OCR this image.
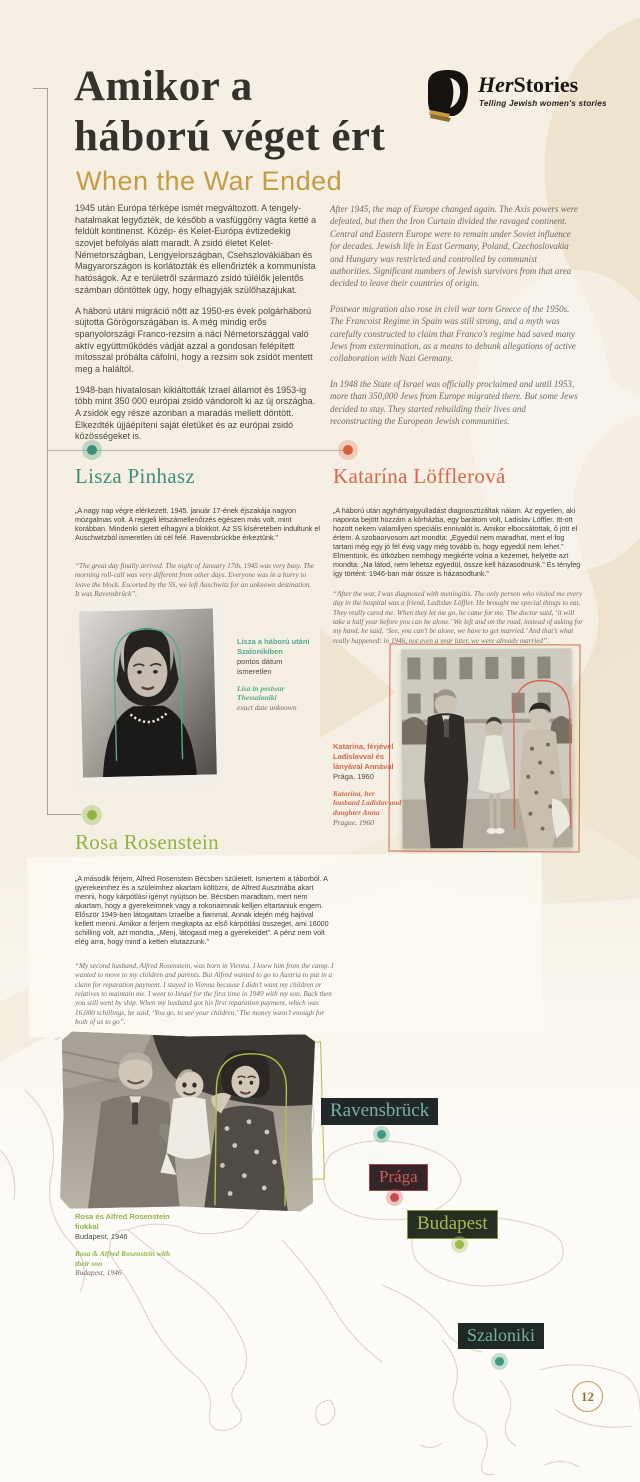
Amikor a
háború véget ért
When the War Ended
HerStories
Telling Jewish women's stories

1945 után Európa térképe ismét megváltozott. A tengely-hatalmakat legyőzték, de később a vasfüggöny vágta ketté a feldúlt kontinenst. Közép- és Kelet-Európa évtizedekig szovjet befolyás alatt maradt. A zsidó életet Kelet-Németországban, Lengyelországban, Csehszlovákiában és Magyarországon is korlátozták és ellenőrizték a kommunista hatóságok. Az e területről származó zsidó túlélők jelentős számban döntöttek úgy, hogy elhagyják szülőhazájukat.

A háború utáni migráció nőtt az 1950-es évek polgárháború sújtotta Görögországában is. A még mindig erős spanyolországi Franco-rezsim a náci Németországgal való aktív együttműködés vádját azzal a gondosan felépített mítosszal próbálta cáfolni, hogy a rezsim sok zsidót mentett meg a haláltól.

1948-ban hivatalosan kikiáltották Izrael államot és 1953-ig több mint 350 000 európai zsidó vándorolt ki az új országba. A zsidók egy része azonban a maradás mellett döntött. Elkezdték újjáépíteni saját életüket és az európai zsidó közösségeket is.

After 1945, the map of Europe changed again. The Axis powers were defeated, but then the Iron Curtain divided the ravaged continent. Central and Eastern Europe were to remain under Soviet influence for decades. Jewish life in East Germany, Poland, Czechoslovakia and Hungary was restricted and controlled by communist authorities. Significant numbers of Jewish survivors from that area decided to leave their countries of origin.

Postwar migration also rose in civil war torn Greece of the 1950s. The Francoist Regime in Spain was still strong, and a myth was carefully constructed to claim that Franco’s regime had saved many Jews from extermination, as a means to debunk allegations of active collaboration with Nazi Germany.

In 1948 the State of Israel was officially proclaimed and until 1953, more than 350,000 Jews from Europe migrated there. But some Jews decided to stay. They started rebuilding their lives and reconstructing the European Jewish communities.

Lisza Pinhasz
„A nagy nap végre elérkezett. 1945. január 17-ének éjszakája nagyon mozgalmas volt. A reggeli létszámellenőrzés egészen más volt, mint korábban. Mindenki sietett elhagyni a blokkot. Az SS kíséretében indultunk el Auschwitzból ismeretlen úti cél felé. Ravensbrückbe érkeztünk.”
“The great day finally arrived. The night of January 17th, 1945 was very busy. The morning roll-call was very different from other days. Everyone was in a hurry to leave the block. Escorted by the SS, we left Auschwitz for an unknown destination. It was Ravensbrück”.
Lisza a háború utáni Szalonikiben
pontos dátum ismeretlen
Lisa in postwar Thessaloniki
exact date unknown
Katarína Löfflerová
„A háború után agyhártyagyulladást diagnosztizáltak nálam. Az egyetlen, aki naponta bejött hozzám a kórházba, egy barátom volt, Ladislav Löffler. Itt-ott hozott nekem valamilyen speciális ennivalót is. Amikor elbocsátottak, ő jött el értem. A szobaorvosom azt mondta: „Egyedül nem maradhat, mert el fog tartani még egy jó fél évig vagy még tovább is, hogy egyedül nem lehet.” Elmentünk, és útközben nemhogy megkérte volna a kezemet, helyette azt mondta: „Na látod, nem lehetsz egyedül, össze kell házasodnunk.” És tényleg így történt: 1946-ban már össze is házasodtunk.”
“After the war, I was diagnosed with meningitis. The only person who visited me every day in the hospital was a friend, Ladislav Löffler. He brought me special things to eat. They really cured me. When they let me go, he came for me. The doctor said, ‘it will take a half year before you can be alone.’ We left and on the road, instead of asking for my hand, he said, ‘See, you can’t be alone, we have to get married.’ And that’s what really happened: in 1946, not even a year later, we were already married”.
Katarína, férjével Ladislavval és lányával Annával
Prága, 1960
Katarína, her husband Ladislav and daughter Anna
Prague, 1960
Rosa Rosenstein
„A második férjem, Alfred Rosenstein Bécsben született. Ismertem a táborból. A gyerekeimhez és a szüleimhez akartam költözni, de Alfred Ausztriába akart menni, hogy kárpótlási igényt nyújtson be. Bécsben maradtam, mert nem akartam, hogy a gyerekeimnek vagy a rokonaimnak kelljen eltartaniuk engem. Először 1949-ben látogattam Izraelbe a fiammal. Annak idején még hajóval kellett menni. Amikor a férjem megkapta az első kárpótlási összeget, ami 16000 schilling volt, azt mondta, „Menj, látogasd meg a gyerekeidet”. A pénz nem volt elég arra, hogy mind a ketten elutazzunk.”
“My second husband, Alfred Rosenstein, was born in Vienna. I knew him from the camp. I wanted to move to my children and parents. But Alfred wanted to go to Austria to put in a claim for reparation payment. I stayed in Vienna because I didn’t want my children or relatives to maintain me. I went to Israel for the first time in 1949 with my son. Back then you still went by ship. When my husband got his first reparation payment, which was 16,000 schillings, he said, ‘You go, to see your children.’ The money wasn’t enough for both of us to go”.
Rosa és Alfred Rosenstein fiukkal
Budapest, 1946
Rosa & Alfred Rosenstein with their son
Budapest, 1946
Ravensbrück
Prága
Budapest
Szaloniki
12
